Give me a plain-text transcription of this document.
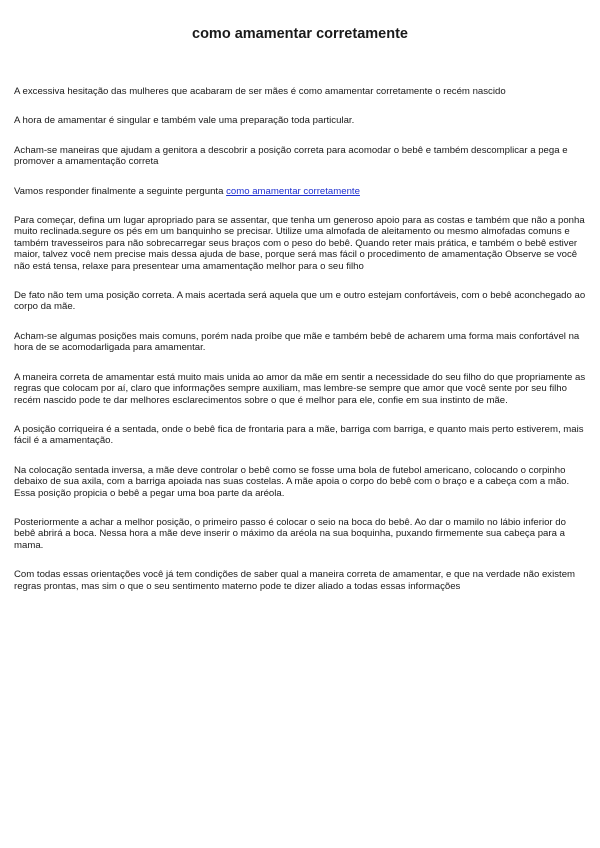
como amamentar corretamente

A excessiva hesitação das mulheres que acabaram de ser mães é como amamentar corretamente o recém nascido

A hora de amamentar é singular e também vale uma preparação toda particular.

Acham-se maneiras que ajudam a genitora a descobrir a posição correta para acomodar o bebê e também descomplicar a pega e promover a amamentação correta

Vamos responder finalmente a seguinte pergunta como amamentar corretamente

Para começar, defina um lugar apropriado para se assentar, que tenha um generoso apoio para as costas e também que não a ponha muito reclinada.segure os pés em um banquinho se precisar. Utilize uma almofada de aleitamento ou mesmo almofadas comuns e também travesseiros para não sobrecarregar seus braços com o peso do bebê. Quando reter mais prática, e também o bebê estiver maior, talvez você nem precise mais dessa ajuda de base, porque será mas fácil o procedimento de amamentação Observe se você não está tensa, relaxe para presentear uma amamentação melhor para o seu filho

De fato não tem uma posição correta. A mais acertada será aquela que um e outro estejam confortáveis, com o bebê aconchegado ao corpo da mãe.

Acham-se algumas posições mais comuns, porém nada proíbe que mãe e também bebê de acharem uma forma mais confortável na hora de se acomodarligada para amamentar.

A maneira correta de amamentar está muito mais unida ao amor da mãe em sentir a necessidade do seu filho do que propriamente as regras que colocam por aí, claro que informações sempre auxiliam, mas lembre-se sempre que amor que você sente por seu filho recém nascido pode te dar melhores esclarecimentos sobre o que é melhor para ele, confie em sua instinto de mãe.

A posição corriqueira é a sentada, onde o bebê fica de frontaria para a mãe, barriga com barriga, e quanto mais perto estiverem, mais fácil é a amamentação.

Na colocação sentada inversa, a mãe deve controlar o bebê como se fosse uma bola de futebol americano, colocando o corpinho debaixo de sua axila, com a barriga apoiada nas suas costelas. A mãe apoia o corpo do bebê com o braço e a cabeça com a mão. Essa posição propicia o bebê a pegar uma boa parte da aréola.

Posteriormente a achar a melhor posição, o primeiro passo é colocar o seio na boca do bebê. Ao dar o mamilo no lábio inferior do bebê abrirá a boca. Nessa hora a mãe deve inserir o máximo da aréola na sua boquinha, puxando firmemente sua cabeça para a mama.

Com todas essas orientações você já tem condições de saber qual a maneira correta de amamentar, e que na verdade não existem regras prontas, mas sim o que o seu sentimento materno pode te dizer aliado a todas essas informações
